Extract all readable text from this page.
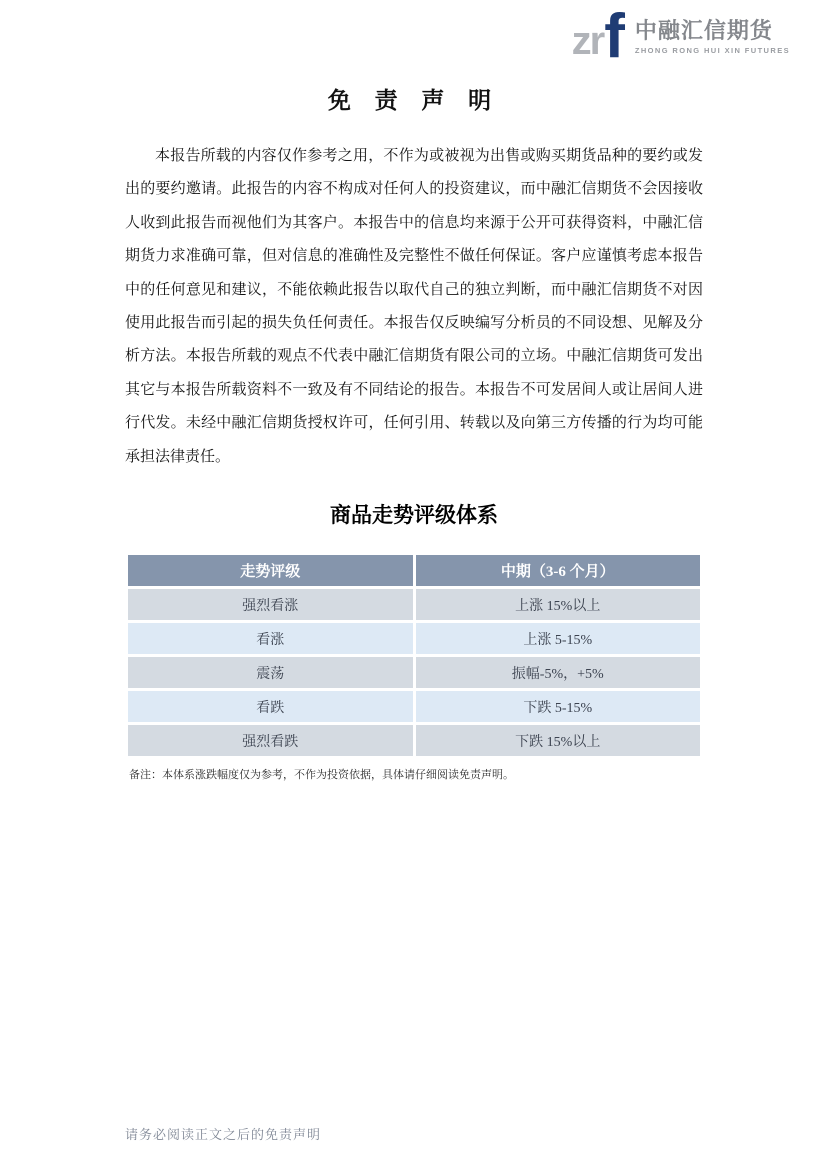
zr f 中融汇信期货
ZHONG RONG HUI XIN FUTURES
免 责 声 明

本报告所载的内容仅作参考之用，不作为或被视为出售或购买期货品种的要约或发出的要约邀请。此报告的内容不构成对任何人的投资建议，而中融汇信期货不会因接收人收到此报告而视他们为其客户。本报告中的信息均来源于公开可获得资料，中融汇信期货力求准确可靠，但对信息的准确性及完整性不做任何保证。客户应谨慎考虑本报告中的任何意见和建议，不能依赖此报告以取代自己的独立判断，而中融汇信期货不对因使用此报告而引起的损失负任何责任。本报告仅反映编写分析员的不同设想、见解及分析方法。本报告所载的观点不代表中融汇信期货有限公司的立场。中融汇信期货可发出其它与本报告所载资料不一致及有不同结论的报告。本报告不可发居间人或让居间人进行代发。未经中融汇信期货授权许可，任何引用、转载以及向第三方传播的行为均可能承担法律责任。

商品走势评级体系
走势评级	中期（3-6 个月）
强烈看涨	上涨 15%以上
看涨	上涨 5-15%
震荡	振幅-5%，+5%
看跌	下跌 5-15%
强烈看跌	下跌 15%以上

备注：本体系涨跌幅度仅为参考，不作为投资依据，具体请仔细阅读免责声明。

请务必阅读正文之后的免责声明
